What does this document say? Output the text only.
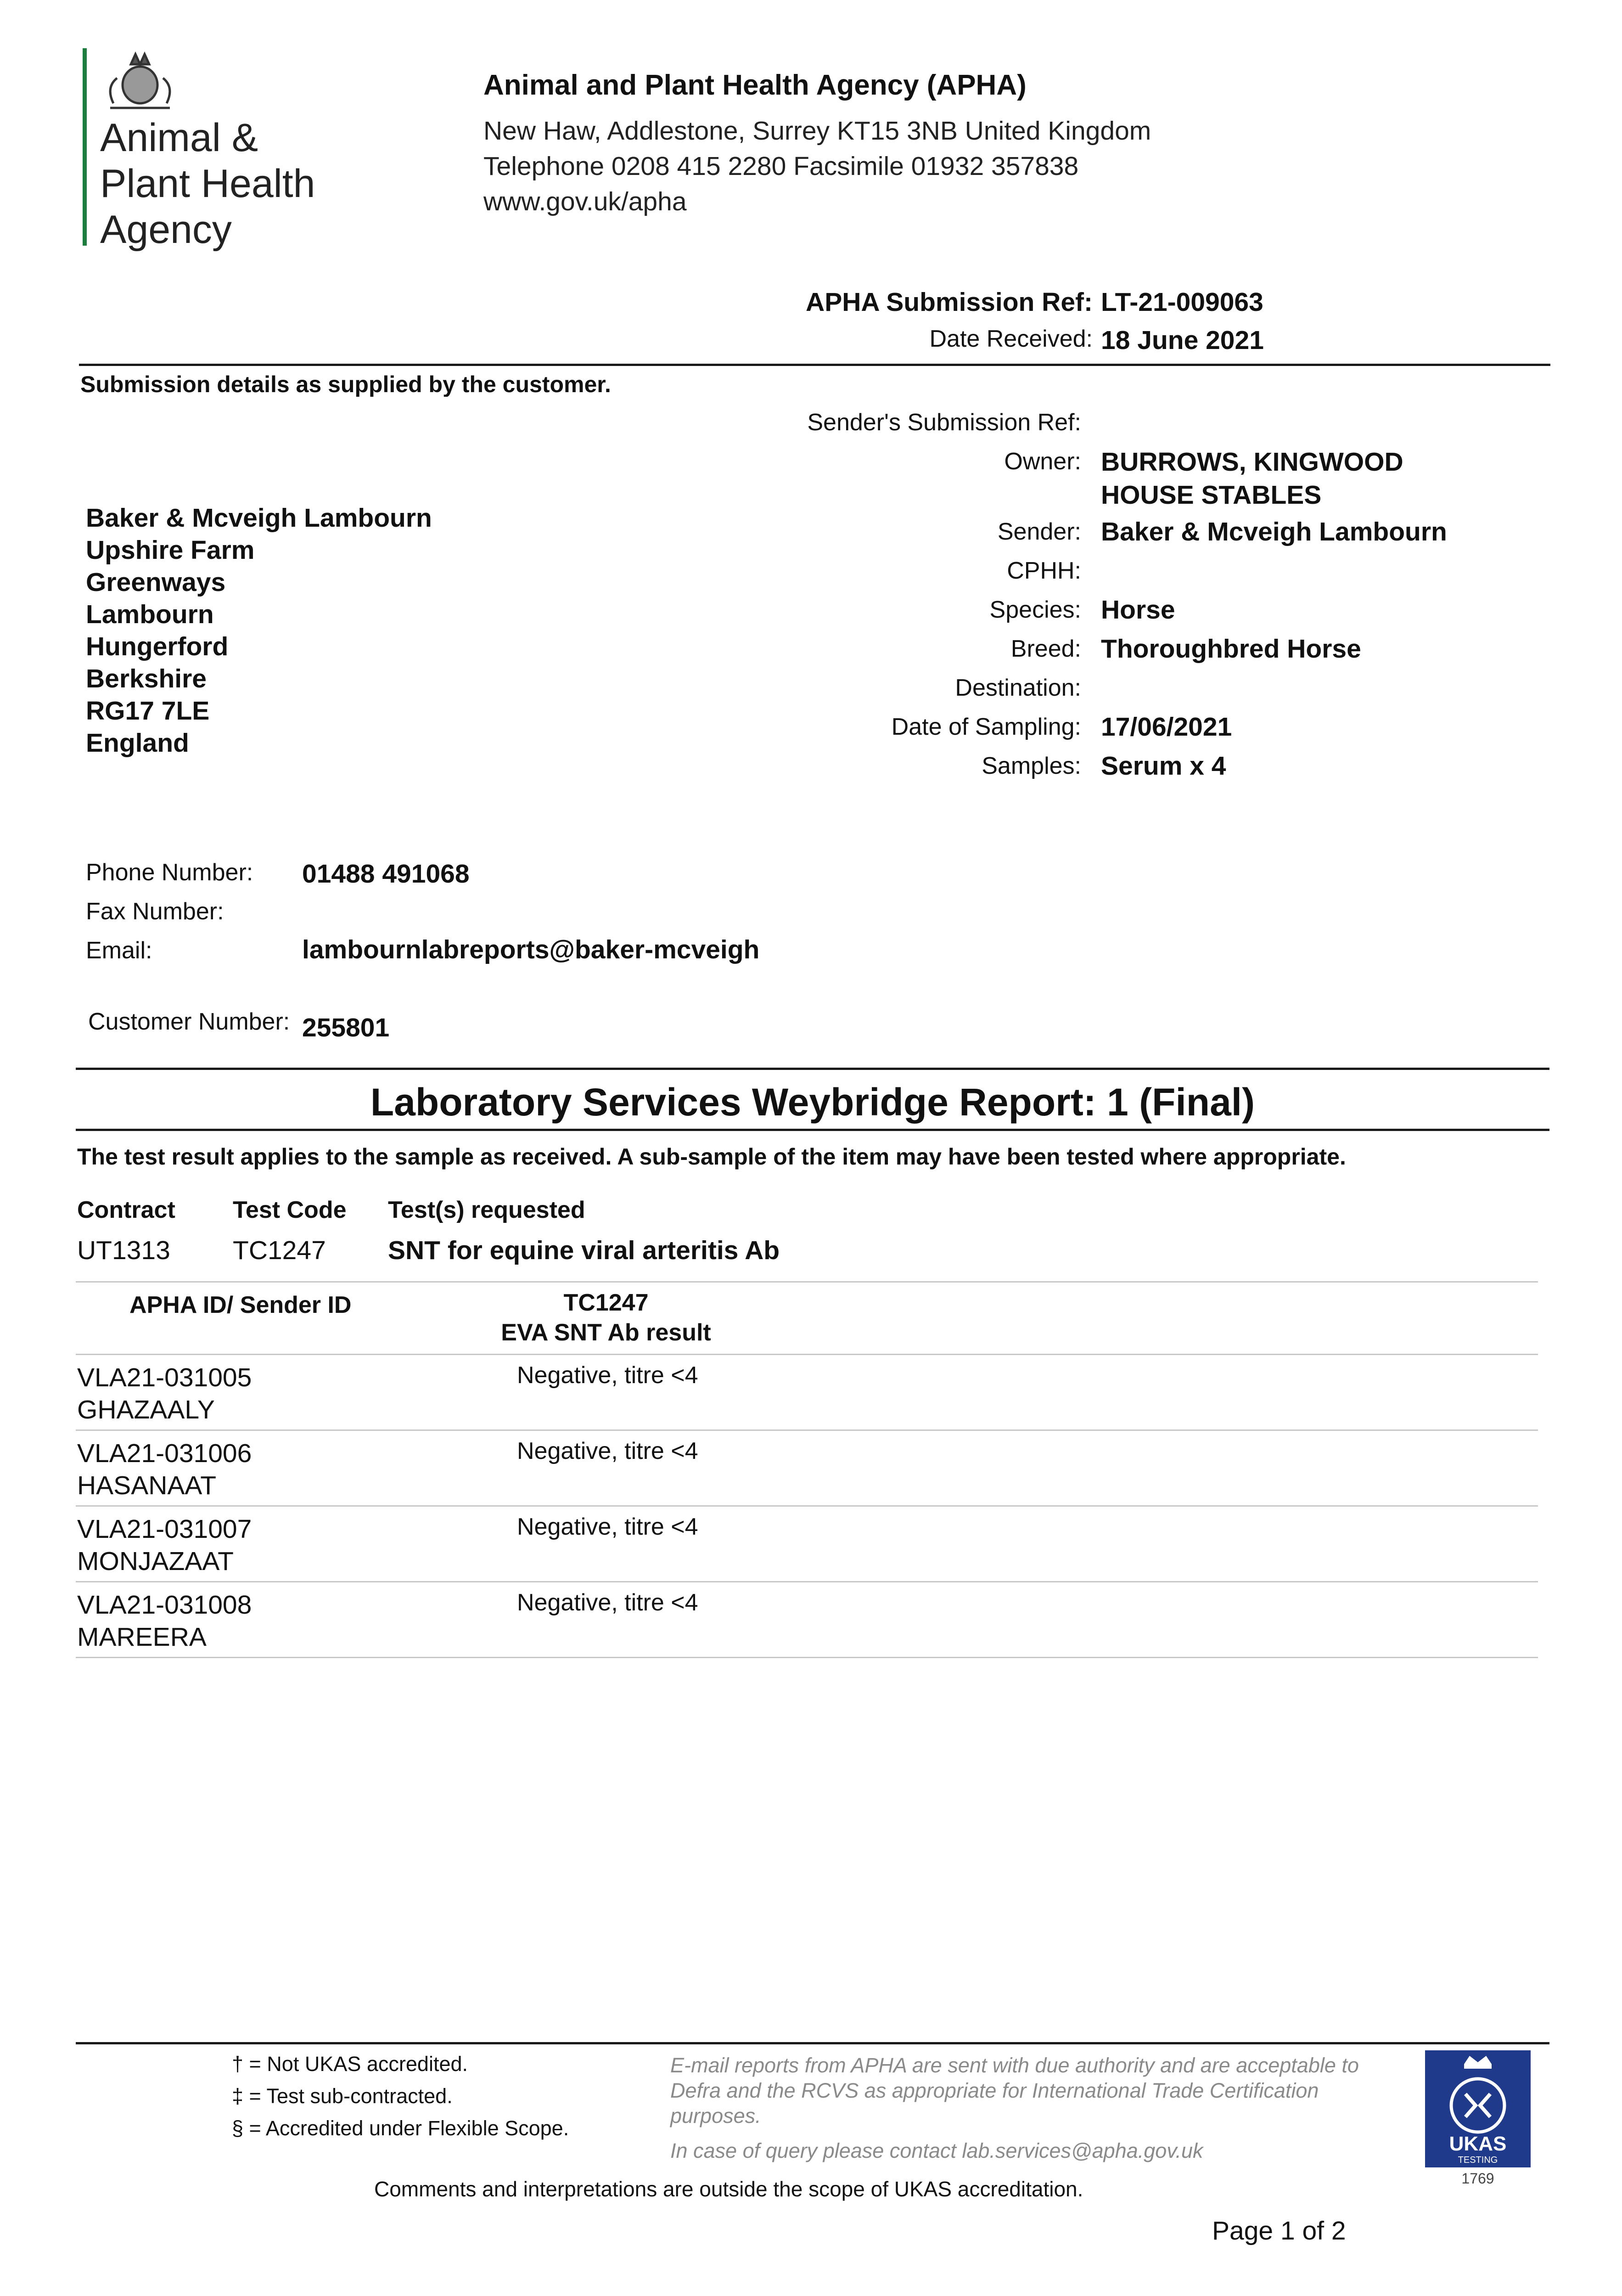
Animal &
Plant Health
Agency
Animal and Plant Health Agency (APHA)
New Haw, Addlestone, Surrey KT15 3NB United Kingdom
Telephone 0208 415 2280 Facsimile 01932 357838
www.gov.uk/apha
APHA Submission Ref: LT-21-009063
Date Received: 18 June 2021
Submission details as supplied by the customer.
Baker & Mcveigh Lambourn
Upshire Farm
Greenways
Lambourn
Hungerford
Berkshire
RG17 7LE
England
Sender's Submission Ref:
Owner: BURROWS, KINGWOOD
HOUSE STABLES
Sender: Baker & Mcveigh Lambourn
CPHH:
Species: Horse
Breed: Thoroughbred Horse
Destination:
Date of Sampling: 17/06/2021
Samples: Serum x 4
Phone Number: 01488 491068
Fax Number:
Email:	lambournlabreports@baker-mcveigh
Customer Number: 255801
Laboratory Services Weybridge Report: 1 (Final)
The test result applies to the sample as received. A sub-sample of the item may have been tested where appropriate.
Contract Test Code Test(s) requested
UT1313 TC1247 SNT for equine viral arteritis Ab
APHA ID/ Sender ID	TC1247
EVA SNT Ab result
VLA21-031005
GHAZAALY
Negative, titre <4
VLA21-031006
HASANAAT
Negative, titre <4
VLA21-031007
MONJAZAAT
Negative, titre <4
VLA21-031008
MAREERA
Negative, titre <4
† = Not UKAS accredited.
‡ = Test sub-contracted.
§ = Accredited under Flexible Scope.
E-mail reports from APHA are sent with due authority and are acceptable to Defra and the RCVS as appropriate for International Trade Certification purposes.
In case of query please contact lab.services@apha.gov.uk
Comments and interpretations are outside the scope of UKAS accreditation.
UKAS
TESTING
1769
Page 1 of 2
